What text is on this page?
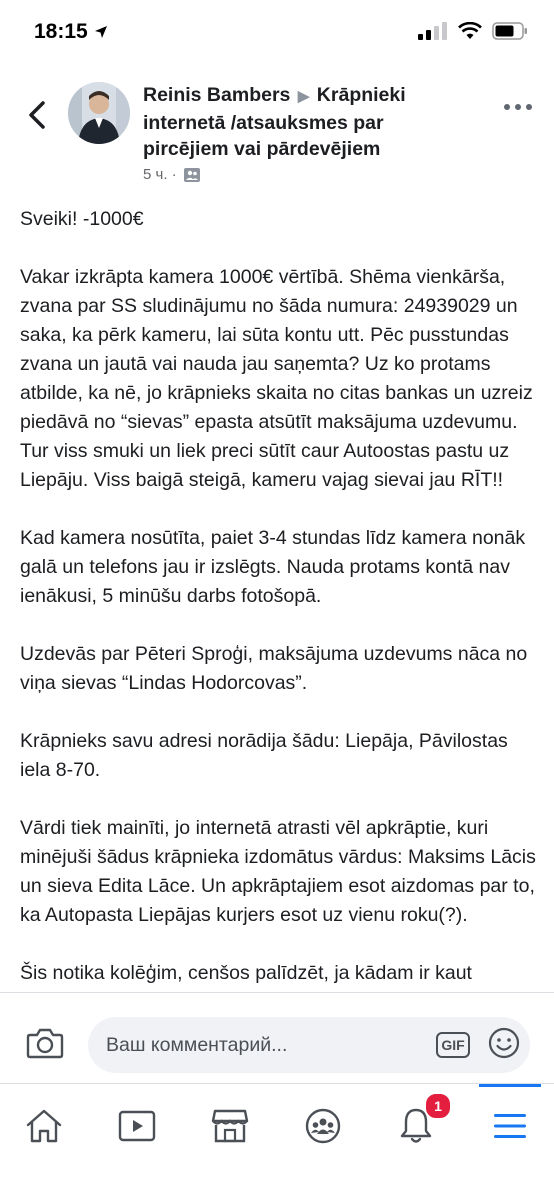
18:15
Reinis Bambers ▶ Krāpnieki internetā /atsauksmes par pircējiem vai pārdevējiem
5 ч. ·

Sveiki! -1000€

Vakar izkrāpta kamera 1000€ vērtībā. Shēma vienkārša, zvana par SS sludinājumu no šāda numura: 24939029 un saka, ka pērk kameru, lai sūta kontu utt. Pēc pusstundas zvana un jautā vai nauda jau saņemta? Uz ko protams atbilde, ka nē, jo krāpnieks skaita no citas bankas un uzreiz piedāvā no “sievas” epasta atsūtīt maksājuma uzdevumu. Tur viss smuki un liek preci sūtīt caur Autoostas pastu uz Liepāju. Viss baigā steigā, kameru vajag sievai jau RĪT!!

Kad kamera nosūtīta, paiet 3-4 stundas līdz kamera nonāk galā un telefons jau ir izslēgts. Nauda protams kontā nav ienākusi, 5 minūšu darbs fotošopā.

Uzdevās par Pēteri Sproģi, maksājuma uzdevums nāca no viņa sievas “Lindas Hodorcovas”.

Krāpnieks savu adresi norādija šādu: Liepāja, Pāvilostas iela 8-70.

Vārdi tiek mainīti, jo internetā atrasti vēl apkrāptie, kuri minējuši šādus krāpnieka izdomātus vārdus: Maksims Lācis un sieva Edita Lāce. Un apkrāptajiem esot aizdomas par to, ka Autopasta Liepājas kurjers esot uz vienu roku(?).

Šis notika kolēģim, cenšos palīdzēt, ja kādam ir kaut

Ваш комментарий...	GIF
1
